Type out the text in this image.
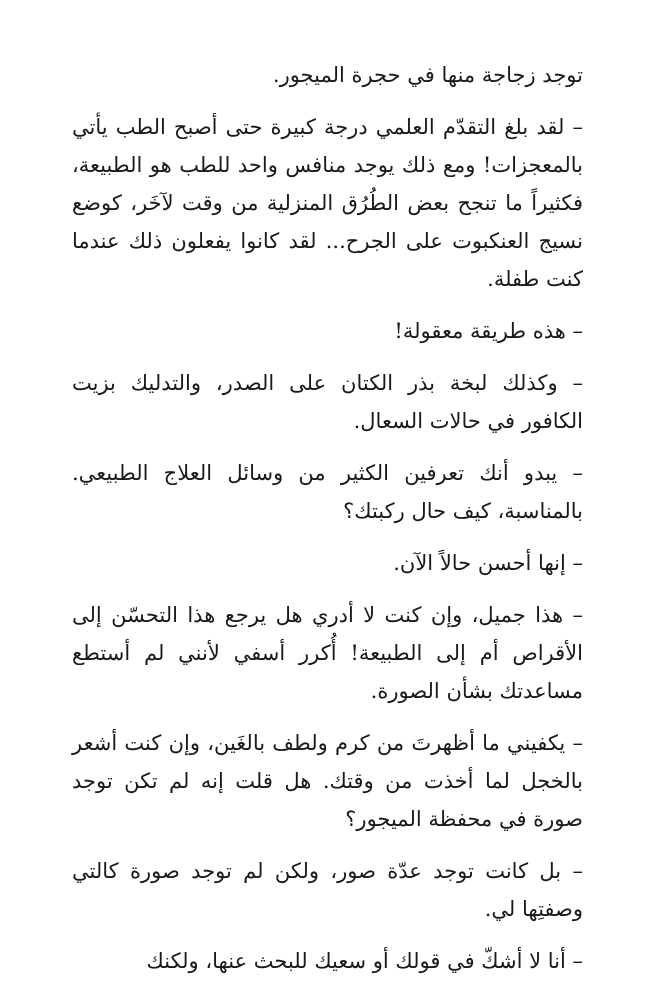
توجد زجاجة منها في حجرة الميجور.

– لقد بلغ التقدّم العلمي درجة كبيرة حتى أصبح الطب يأتي بالمعجزات! ومع ذلك يوجد منافس واحد للطب هو الطبيعة، فكثيراً ما تنجح بعض الطُرُق المنزلية من وقت لآخَر، كوضع نسيج العنكبوت على الجرح... لقد كانوا يفعلون ذلك عندما كنت طفلة.

– هذه طريقة معقولة!

– وكذلك لبخة بذر الكتان على الصدر، والتدليك بزيت الكافور في حالات السعال.

– يبدو أنك تعرفين الكثير من وسائل العلاج الطبيعي. بالمناسبة، كيف حال ركبتك؟

– إنها أحسن حالاً الآن.

– هذا جميل، وإن كنت لا أدري هل يرجع هذا التحسّن إلى الأقراص أم إلى الطبيعة! أُكرر أسفي لأنني لم أستطع مساعدتك بشأن الصورة.

– يكفيني ما أظهرتَ من كرم ولطف بالغَين، وإن كنت أشعر بالخجل لما أخذت من وقتك. هل قلت إنه لم تكن توجد صورة في محفظة الميجور؟

– بل كانت توجد عدّة صور، ولكن لم توجد صورة كالتي وصفتِها لي.

– أنا لا أشكّ في قولك أو سعيك للبحث عنها، ولكنك
